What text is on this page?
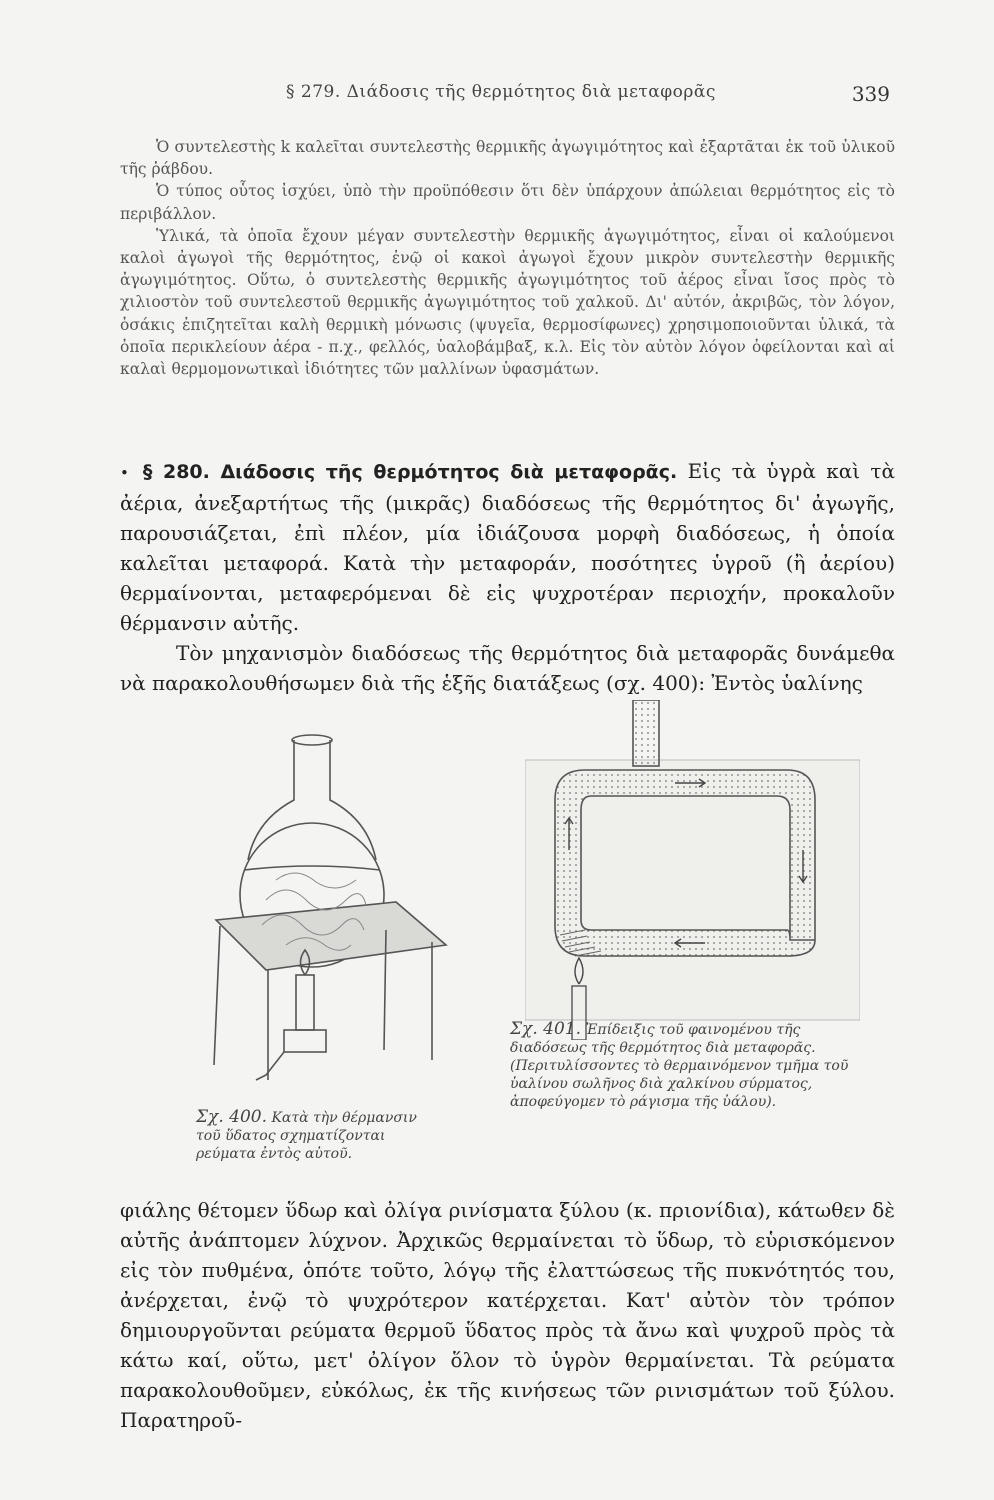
§ 279. Διάδοσις τῆς θερμότητος διὰ μεταφορᾶς	339

Ὁ συντελεστὴς k καλεῖται συντελεστὴς θερμικῆς ἀγωγιμότητος καὶ ἐξαρτᾶται ἐκ τοῦ ὑλικοῦ τῆς ῥάβδου.

Ὁ τύπος οὗτος ἰσχύει, ὑπὸ τὴν προϋπόθεσιν ὅτι δὲν ὑπάρχουν ἀπώλειαι θερμότητος εἰς τὸ περιβάλλον.

Ὑλικά, τὰ ὁποῖα ἔχουν μέγαν συντελεστὴν θερμικῆς ἀγωγιμότητος, εἶναι οἱ καλούμενοι καλοὶ ἀγωγοὶ τῆς θερμότητος, ἐνῷ οἱ κακοὶ ἀγωγοὶ ἔχουν μικρὸν συντελεστὴν θερμικῆς ἀγωγιμότητος. Οὕτω, ὁ συντελεστὴς θερμικῆς ἀγωγιμότητος τοῦ ἀέρος εἶναι ἴσος πρὸς τὸ χιλιοστὸν τοῦ συντελεστοῦ θερμικῆς ἀγωγιμότητος τοῦ χαλκοῦ. Δι' αὐτόν, ἀκριβῶς, τὸν λόγον, ὁσάκις ἐπιζητεῖται καλὴ θερμικὴ μόνωσις (ψυγεῖα, θερμοσίφωνες) χρησιμοποιοῦνται ὑλικά, τὰ ὁποῖα περικλείουν ἀέρα - π.χ., φελλός, ὑαλοβάμβαξ, κ.λ. Εἰς τὸν αὐτὸν λόγον ὀφείλονται καὶ αἱ καλαὶ θερμομονωτικαὶ ἰδιότητες τῶν μαλλίνων ὑφασμάτων.

• § 280. Διάδοσις τῆς θερμότητος διὰ μεταφορᾶς. Εἰς τὰ ὑγρὰ καὶ τὰ ἀέρια, ἀνεξαρτήτως τῆς (μικρᾶς) διαδόσεως τῆς θερμότητος δι' ἀγωγῆς, παρουσιάζεται, ἐπὶ πλέον, μία ἰδιάζουσα μορφὴ διαδόσεως, ἡ ὁποία καλεῖται μεταφορά. Κατὰ τὴν μεταφοράν, ποσότητες ὑγροῦ (ἢ ἀερίου) θερμαίνονται, μεταφερόμεναι δὲ εἰς ψυχροτέραν περιοχήν, προκαλοῦν θέρμανσιν αὐτῆς.

Τὸν μηχανισμὸν διαδόσεως τῆς θερμότητος διὰ μεταφορᾶς δυνάμεθα νὰ παρακολουθήσωμεν διὰ τῆς ἑξῆς διατάξεως (σχ. 400): Ἐντὸς ὑαλίνης

Σχ. 400. Κατὰ τὴν θέρμανσιν τοῦ ὕδατος σχηματίζονται ρεύματα ἐντὸς αὐτοῦ.
Σχ. 401. Ἐπίδειξις τοῦ φαινομένου τῆς διαδόσεως τῆς θερμότητος διὰ μεταφορᾶς. (Περιτυλίσσοντες τὸ θερμαινόμενον τμῆμα τοῦ ὑαλίνου σωλῆνος διὰ χαλκίνου σύρματος, ἀποφεύγομεν τὸ ράγισμα τῆς ὑάλου).

φιάλης θέτομεν ὕδωρ καὶ ὀλίγα ρινίσματα ξύλου (κ. πριονίδια), κάτωθεν δὲ αὐτῆς ἀνάπτομεν λύχνον. Ἀρχικῶς θερμαίνεται τὸ ὕδωρ, τὸ εὑρισκόμενον εἰς τὸν πυθμένα, ὁπότε τοῦτο, λόγῳ τῆς ἐλαττώσεως τῆς πυκνότητός του, ἀνέρχεται, ἐνῷ τὸ ψυχρότερον κατέρχεται. Κατ' αὐτὸν τὸν τρόπον δημιουργοῦνται ρεύματα θερμοῦ ὕδατος πρὸς τὰ ἄνω καὶ ψυχροῦ πρὸς τὰ κάτω καί, οὕτω, μετ' ὀλίγον ὅλον τὸ ὑγρὸν θερμαίνεται. Τὰ ρεύματα παρακολουθοῦμεν, εὐκόλως, ἐκ τῆς κινήσεως τῶν ρινισμάτων τοῦ ξύλου. Παρατηροῦ-
